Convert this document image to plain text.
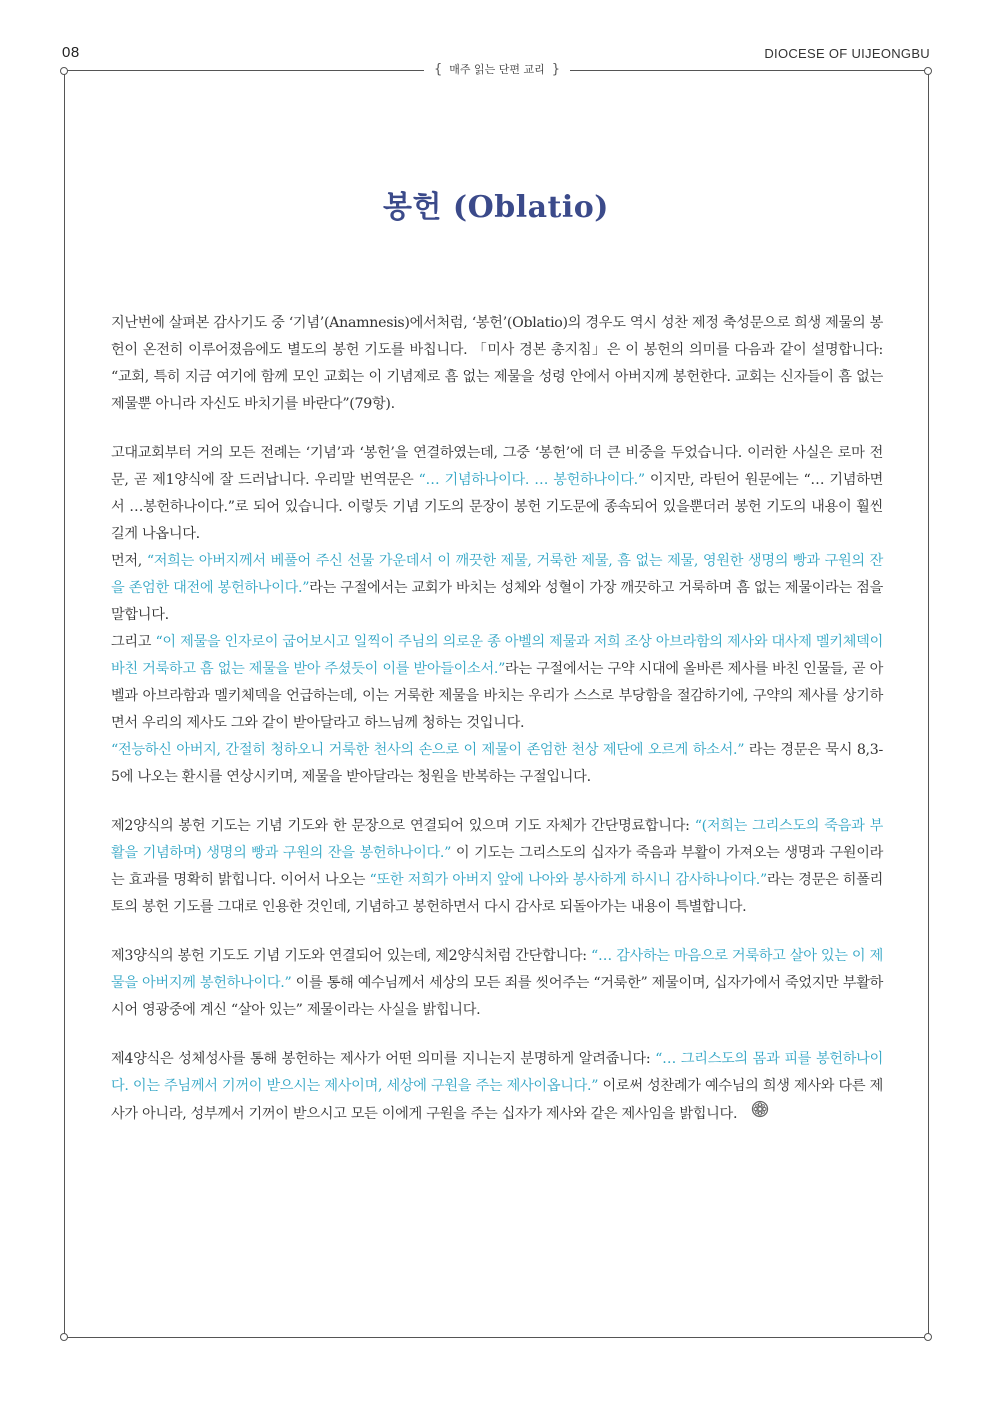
08	DIOCESE OF UIJEONGBU
{ 매주 읽는 단편 교리 }
봉헌 (Oblatio)

지난번에 살펴본 감사기도 중 ‘기념’(Anamnesis)에서처럼, ‘봉헌’(Oblatio)의 경우도 역시 성찬 제정 축성문으로 희생 제물의 봉헌이 온전히 이루어졌음에도 별도의 봉헌 기도를 바칩니다. 「미사 경본 총지침」은 이 봉헌의 의미를 다음과 같이 설명합니다: “교회, 특히 지금 여기에 함께 모인 교회는 이 기념제로 흠 없는 제물을 성령 안에서 아버지께 봉헌한다. 교회는 신자들이 흠 없는 제물뿐 아니라 자신도 바치기를 바란다”(79항).

고대교회부터 거의 모든 전례는 ‘기념’과 ‘봉헌’을 연결하였는데, 그중 ‘봉헌’에 더 큰 비중을 두었습니다. 이러한 사실은 로마 전문, 곧 제1양식에 잘 드러납니다. 우리말 번역문은 “… 기념하나이다. … 봉헌하나이다.” 이지만, 라틴어 원문에는 “… 기념하면서 …봉헌하나이다.”로 되어 있습니다. 이렇듯 기념 기도의 문장이 봉헌 기도문에 종속되어 있을뿐더러 봉헌 기도의 내용이 훨씬 길게 나옵니다.

먼저, “저희는 아버지께서 베풀어 주신 선물 가운데서 이 깨끗한 제물, 거룩한 제물, 흠 없는 제물, 영원한 생명의 빵과 구원의 잔을 존엄한 대전에 봉헌하나이다.”라는 구절에서는 교회가 바치는 성체와 성혈이 가장 깨끗하고 거룩하며 흠 없는 제물이라는 점을 말합니다.

그리고 “이 제물을 인자로이 굽어보시고 일찍이 주님의 의로운 종 아벨의 제물과 저희 조상 아브라함의 제사와 대사제 멜키체덱이 바친 거룩하고 흠 없는 제물을 받아 주셨듯이 이를 받아들이소서.”라는 구절에서는 구약 시대에 올바른 제사를 바친 인물들, 곧 아벨과 아브라함과 멜키체덱을 언급하는데, 이는 거룩한 제물을 바치는 우리가 스스로 부당함을 절감하기에, 구약의 제사를 상기하면서 우리의 제사도 그와 같이 받아달라고 하느님께 청하는 것입니다.

“전능하신 아버지, 간절히 청하오니 거룩한 천사의 손으로 이 제물이 존엄한 천상 제단에 오르게 하소서.” 라는 경문은 묵시 8,3-5에 나오는 환시를 연상시키며, 제물을 받아달라는 청원을 반복하는 구절입니다.

제2양식의 봉헌 기도는 기념 기도와 한 문장으로 연결되어 있으며 기도 자체가 간단명료합니다: “(저희는 그리스도의 죽음과 부활을 기념하며) 생명의 빵과 구원의 잔을 봉헌하나이다.” 이 기도는 그리스도의 십자가 죽음과 부활이 가져오는 생명과 구원이라는 효과를 명확히 밝힙니다. 이어서 나오는 “또한 저희가 아버지 앞에 나아와 봉사하게 하시니 감사하나이다.”라는 경문은 히폴리토의 봉헌 기도를 그대로 인용한 것인데, 기념하고 봉헌하면서 다시 감사로 되돌아가는 내용이 특별합니다.

제3양식의 봉헌 기도도 기념 기도와 연결되어 있는데, 제2양식처럼 간단합니다: “… 감사하는 마음으로 거룩하고 살아 있는 이 제물을 아버지께 봉헌하나이다.” 이를 통해 예수님께서 세상의 모든 죄를 씻어주는 “거룩한” 제물이며, 십자가에서 죽었지만 부활하시어 영광중에 계신 “살아 있는” 제물이라는 사실을 밝힙니다.

제4양식은 성체성사를 통해 봉헌하는 제사가 어떤 의미를 지니는지 분명하게 알려줍니다: “… 그리스도의 몸과 피를 봉헌하나이다. 이는 주님께서 기꺼이 받으시는 제사이며, 세상에 구원을 주는 제사이옵니다.” 이로써 성찬례가 예수님의 희생 제사와 다른 제사가 아니라, 성부께서 기꺼이 받으시고 모든 이에게 구원을 주는 십자가 제사와 같은 제사임을 밝힙니다.
